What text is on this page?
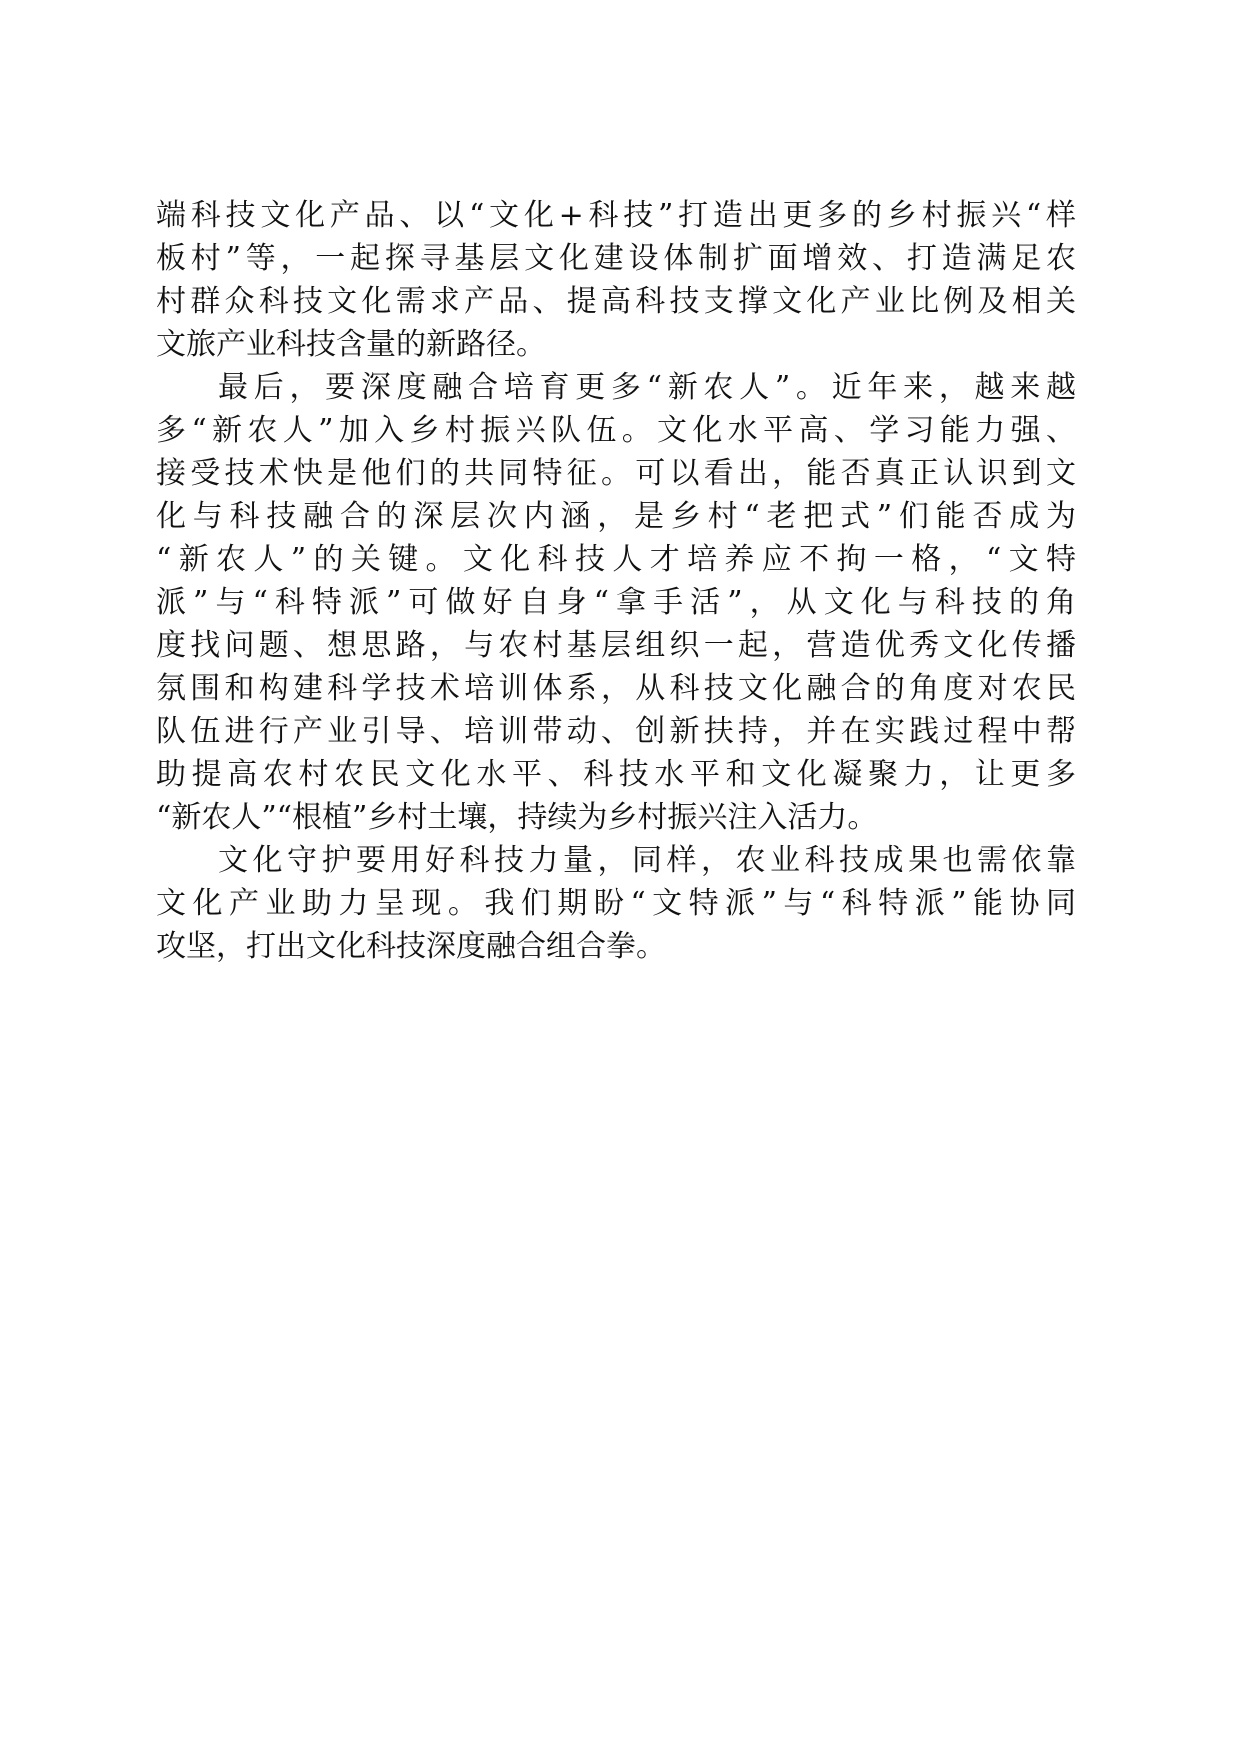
端科技文化产品、以“文化+科技”打造出更多的乡村振兴“样
板村”等，一起探寻基层文化建设体制扩面增效、打造满足农
村群众科技文化需求产品、提高科技支撑文化产业比例及相关
文旅产业科技含量的新路径。
最后，要深度融合培育更多“新农人”。近年来，越来越
多“新农人”加入乡村振兴队伍。文化水平高、学习能力强、
接受技术快是他们的共同特征。可以看出，能否真正认识到文
化与科技融合的深层次内涵，是乡村“老把式”们能否成为
“新农人”的关键。文化科技人才培养应不拘一格，“文特
派”与“科特派”可做好自身“拿手活”，从文化与科技的角
度找问题、想思路，与农村基层组织一起，营造优秀文化传播
氛围和构建科学技术培训体系，从科技文化融合的角度对农民
队伍进行产业引导、培训带动、创新扶持，并在实践过程中帮
助提高农村农民文化水平、科技水平和文化凝聚力，让更多
“新农人”“根植”乡村土壤，持续为乡村振兴注入活力。
文化守护要用好科技力量，同样，农业科技成果也需依靠
文化产业助力呈现。我们期盼“文特派”与“科特派”能协同
攻坚，打出文化科技深度融合组合拳。
